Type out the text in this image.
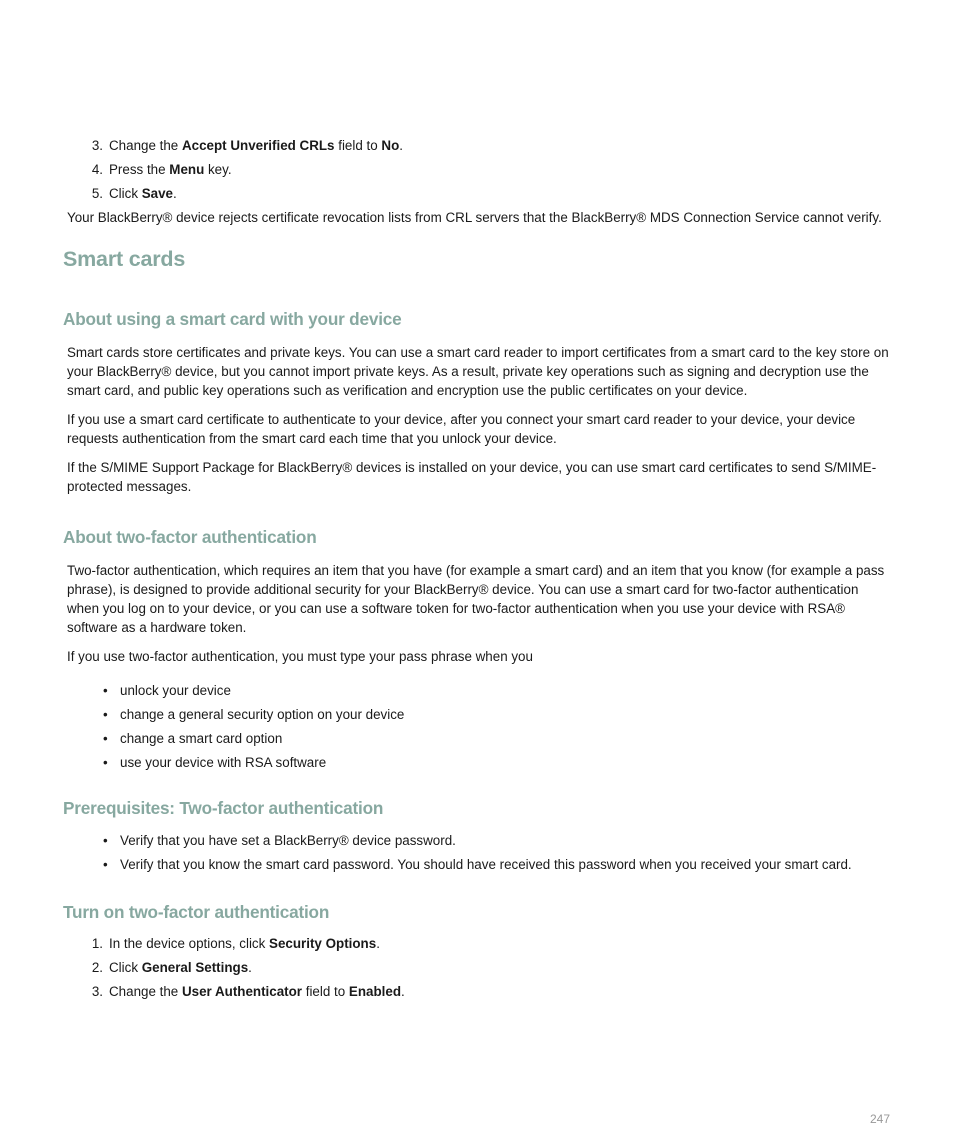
3. Change the Accept Unverified CRLs field to No.
4. Press the Menu key.
5. Click Save.

Your BlackBerry® device rejects certificate revocation lists from CRL servers that the BlackBerry® MDS Connection Service cannot verify.

Smart cards
About using a smart card with your device

Smart cards store certificates and private keys. You can use a smart card reader to import certificates from a smart card to the key store on your BlackBerry® device, but you cannot import private keys. As a result, private key operations such as signing and decryption use the smart card, and public key operations such as verification and encryption use the public certificates on your device.

If you use a smart card certificate to authenticate to your device, after you connect your smart card reader to your device, your device requests authentication from the smart card each time that you unlock your device.

If the S/MIME Support Package for BlackBerry® devices is installed on your device, you can use smart card certificates to send S/MIME-protected messages.

About two-factor authentication

Two-factor authentication, which requires an item that you have (for example a smart card) and an item that you know (for example a pass phrase), is designed to provide additional security for your BlackBerry® device. You can use a smart card for two-factor authentication when you log on to your device, or you can use a software token for two-factor authentication when you use your device with RSA® software as a hardware token.

If you use two-factor authentication, you must type your pass phrase when you

• unlock your device
• change a general security option on your device
• change a smart card option
• use your device with RSA software
Prerequisites: Two-factor authentication
• Verify that you have set a BlackBerry® device password.
• Verify that you know the smart card password. You should have received this password when you received your smart card.
Turn on two-factor authentication
1. In the device options, click Security Options.
2. Click General Settings.
3. Change the User Authenticator field to Enabled.
247
